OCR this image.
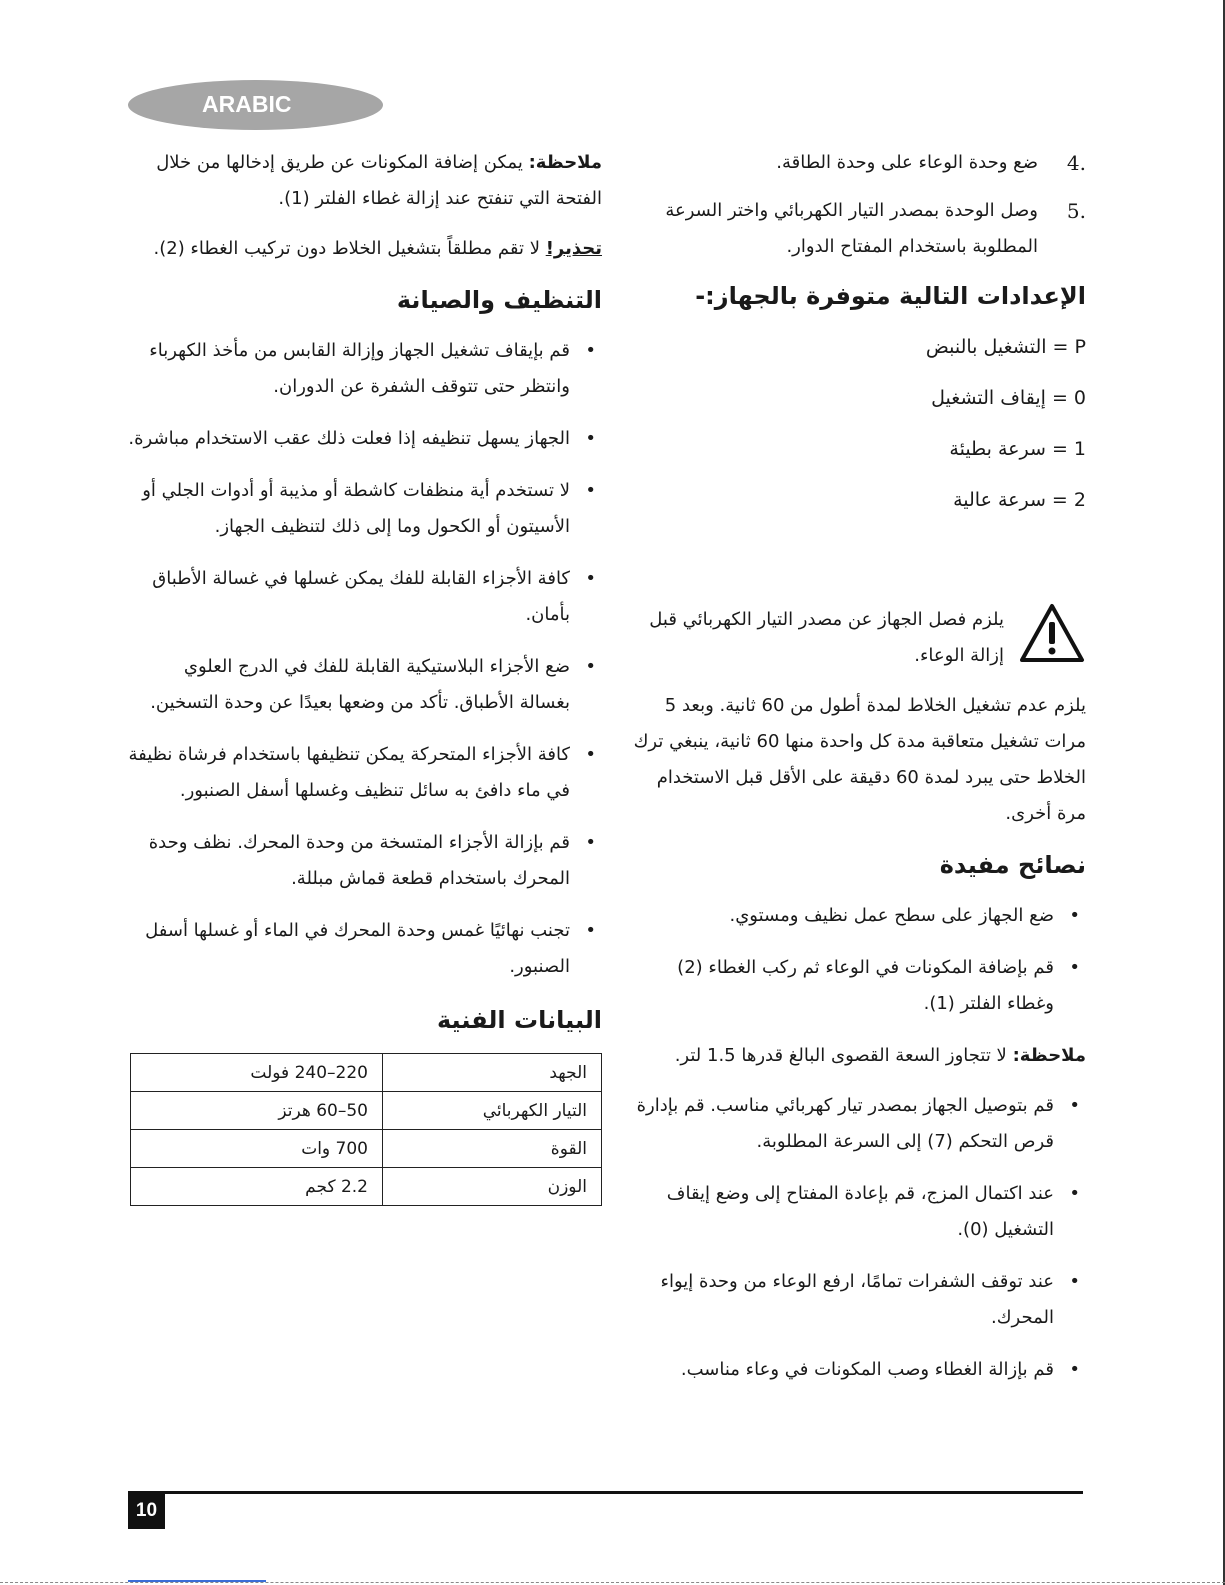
ARABIC

ملاحظة: يمكن إضافة المكونات عن طريق إدخالها من خلال الفتحة التي تنفتح عند إزالة غطاء الفلتر (1).

تحذير! لا تقم مطلقاً بتشغيل الخلاط دون تركيب الغطاء (2).

التنظيف والصيانة
• قم بإيقاف تشغيل الجهاز وإزالة القابس من مأخذ الكهرباء وانتظر حتى تتوقف الشفرة عن الدوران.
• الجهاز يسهل تنظيفه إذا فعلت ذلك عقب الاستخدام مباشرة.
• لا تستخدم أية منظفات كاشطة أو مذيبة أو أدوات الجلي أو الأسيتون أو الكحول وما إلى ذلك لتنظيف الجهاز.
• كافة الأجزاء القابلة للفك يمكن غسلها في غسالة الأطباق بأمان.
• ضع الأجزاء البلاستيكية القابلة للفك في الدرج العلوي بغسالة الأطباق. تأكد من وضعها بعيدًا عن وحدة التسخين.
• كافة الأجزاء المتحركة يمكن تنظيفها باستخدام فرشاة نظيفة في ماء دافئ به سائل تنظيف وغسلها أسفل الصنبور.
• قم بإزالة الأجزاء المتسخة من وحدة المحرك. نظف وحدة المحرك باستخدام قطعة قماش مبللة.
• تجنب نهائيًا غمس وحدة المحرك في الماء أو غسلها أسفل الصنبور.
البيانات الفنية
الجهد	220–240 فولت
التيار الكهربائي	50–60 هرتز
القوة	700 وات
الوزن	2.2 كجم
4.
ضع وحدة الوعاء على وحدة الطاقة.
5.
وصل الوحدة بمصدر التيار الكهربائي واختر السرعة المطلوبة باستخدام المفتاح الدوار.
الإعدادات التالية متوفرة بالجهاز:-
P = التشغيل بالنبض
0 = إيقاف التشغيل
1 = سرعة بطيئة
2 = سرعة عالية
يلزم فصل الجهاز عن مصدر التيار الكهربائي قبل إزالة الوعاء.

يلزم عدم تشغيل الخلاط لمدة أطول من 60 ثانية. وبعد 5 مرات تشغيل متعاقبة مدة كل واحدة منها 60 ثانية، ينبغي ترك الخلاط حتى يبرد لمدة 60 دقيقة على الأقل قبل الاستخدام مرة أخرى.

نصائح مفيدة
• ضع الجهاز على سطح عمل نظيف ومستوي.
• قم بإضافة المكونات في الوعاء ثم ركب الغطاء (2) وغطاء الفلتر (1).

ملاحظة: لا تتجاوز السعة القصوى البالغ قدرها 1.5 لتر.

• قم بتوصيل الجهاز بمصدر تيار كهربائي مناسب. قم بإدارة قرص التحكم (7) إلى السرعة المطلوبة.
• عند اكتمال المزج، قم بإعادة المفتاح إلى وضع إيقاف التشغيل (0).
• عند توقف الشفرات تمامًا، ارفع الوعاء من وحدة إيواء المحرك.
• قم بإزالة الغطاء وصب المكونات في وعاء مناسب.
10
